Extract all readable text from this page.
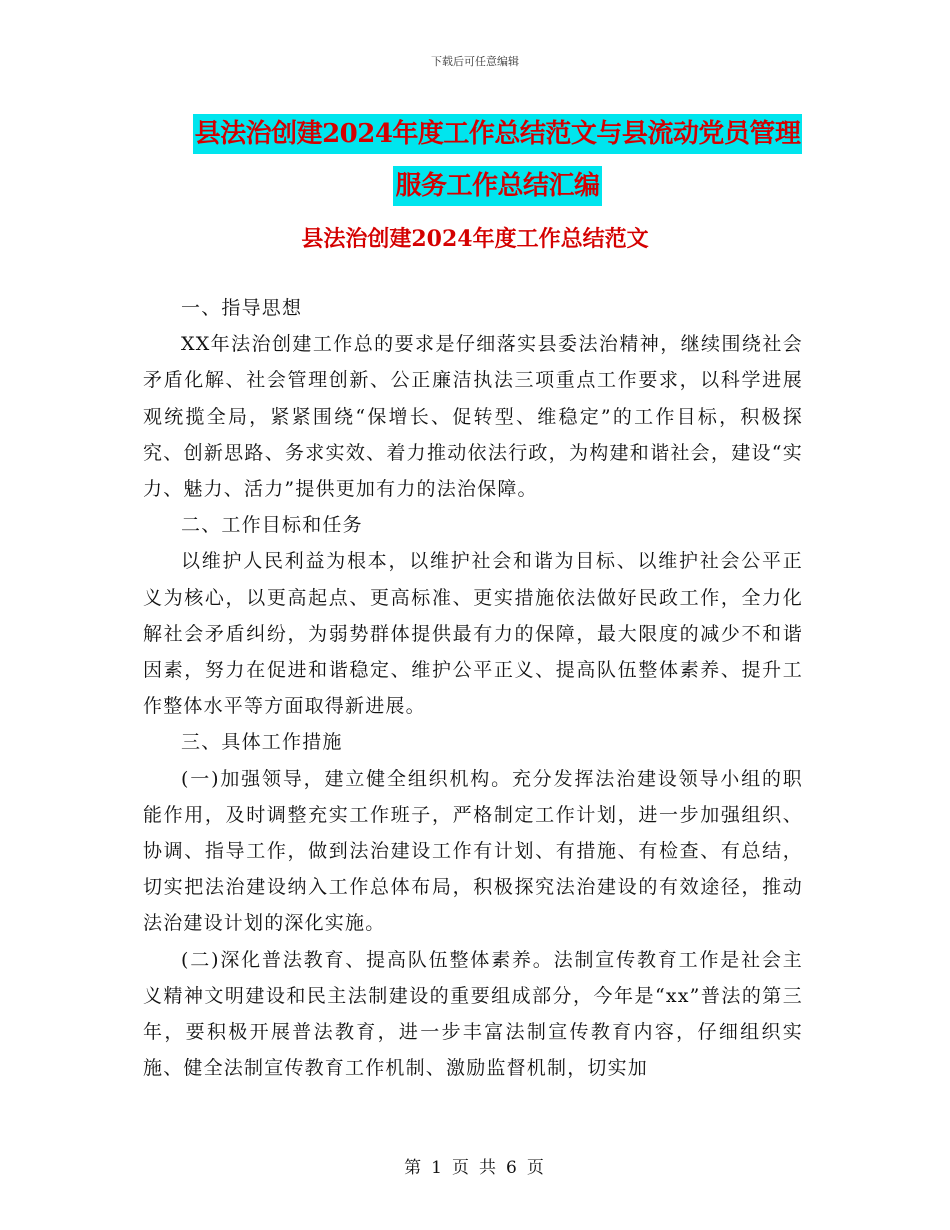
下载后可任意编辑
县法治创建2024年度工作总结范文与县流动党员管理
服务工作总结汇编
县法治创建2024年度工作总结范文

一、指导思想

XX年法治创建工作总的要求是仔细落实县委法治精神，继续围绕社会矛盾化解、社会管理创新、公正廉洁执法三项重点工作要求，以科学进展观统揽全局，紧紧围绕“保增长、促转型、维稳定”的工作目标，积极探究、创新思路、务求实效、着力推动依法行政，为构建和谐社会，建设“实力、魅力、活力”提供更加有力的法治保障。

二、工作目标和任务

以维护人民利益为根本，以维护社会和谐为目标、以维护社会公平正义为核心，以更高起点、更高标准、更实措施依法做好民政工作，全力化解社会矛盾纠纷，为弱势群体提供最有力的保障，最大限度的减少不和谐因素，努力在促进和谐稳定、维护公平正义、提高队伍整体素养、提升工作整体水平等方面取得新进展。

三、具体工作措施

(一)加强领导，建立健全组织机构。充分发挥法治建设领导小组的职能作用，及时调整充实工作班子，严格制定工作计划，进一步加强组织、协调、指导工作，做到法治建设工作有计划、有措施、有检查、有总结，切实把法治建设纳入工作总体布局，积极探究法治建设的有效途径，推动法治建设计划的深化实施。

(二)深化普法教育、提高队伍整体素养。法制宣传教育工作是社会主义精神文明建设和民主法制建设的重要组成部分，今年是“xx”普法的第三年，要积极开展普法教育，进一步丰富法制宣传教育内容，仔细组织实施、健全法制宣传教育工作机制、激励监督机制，切实加

第 1 页 共 6 页
